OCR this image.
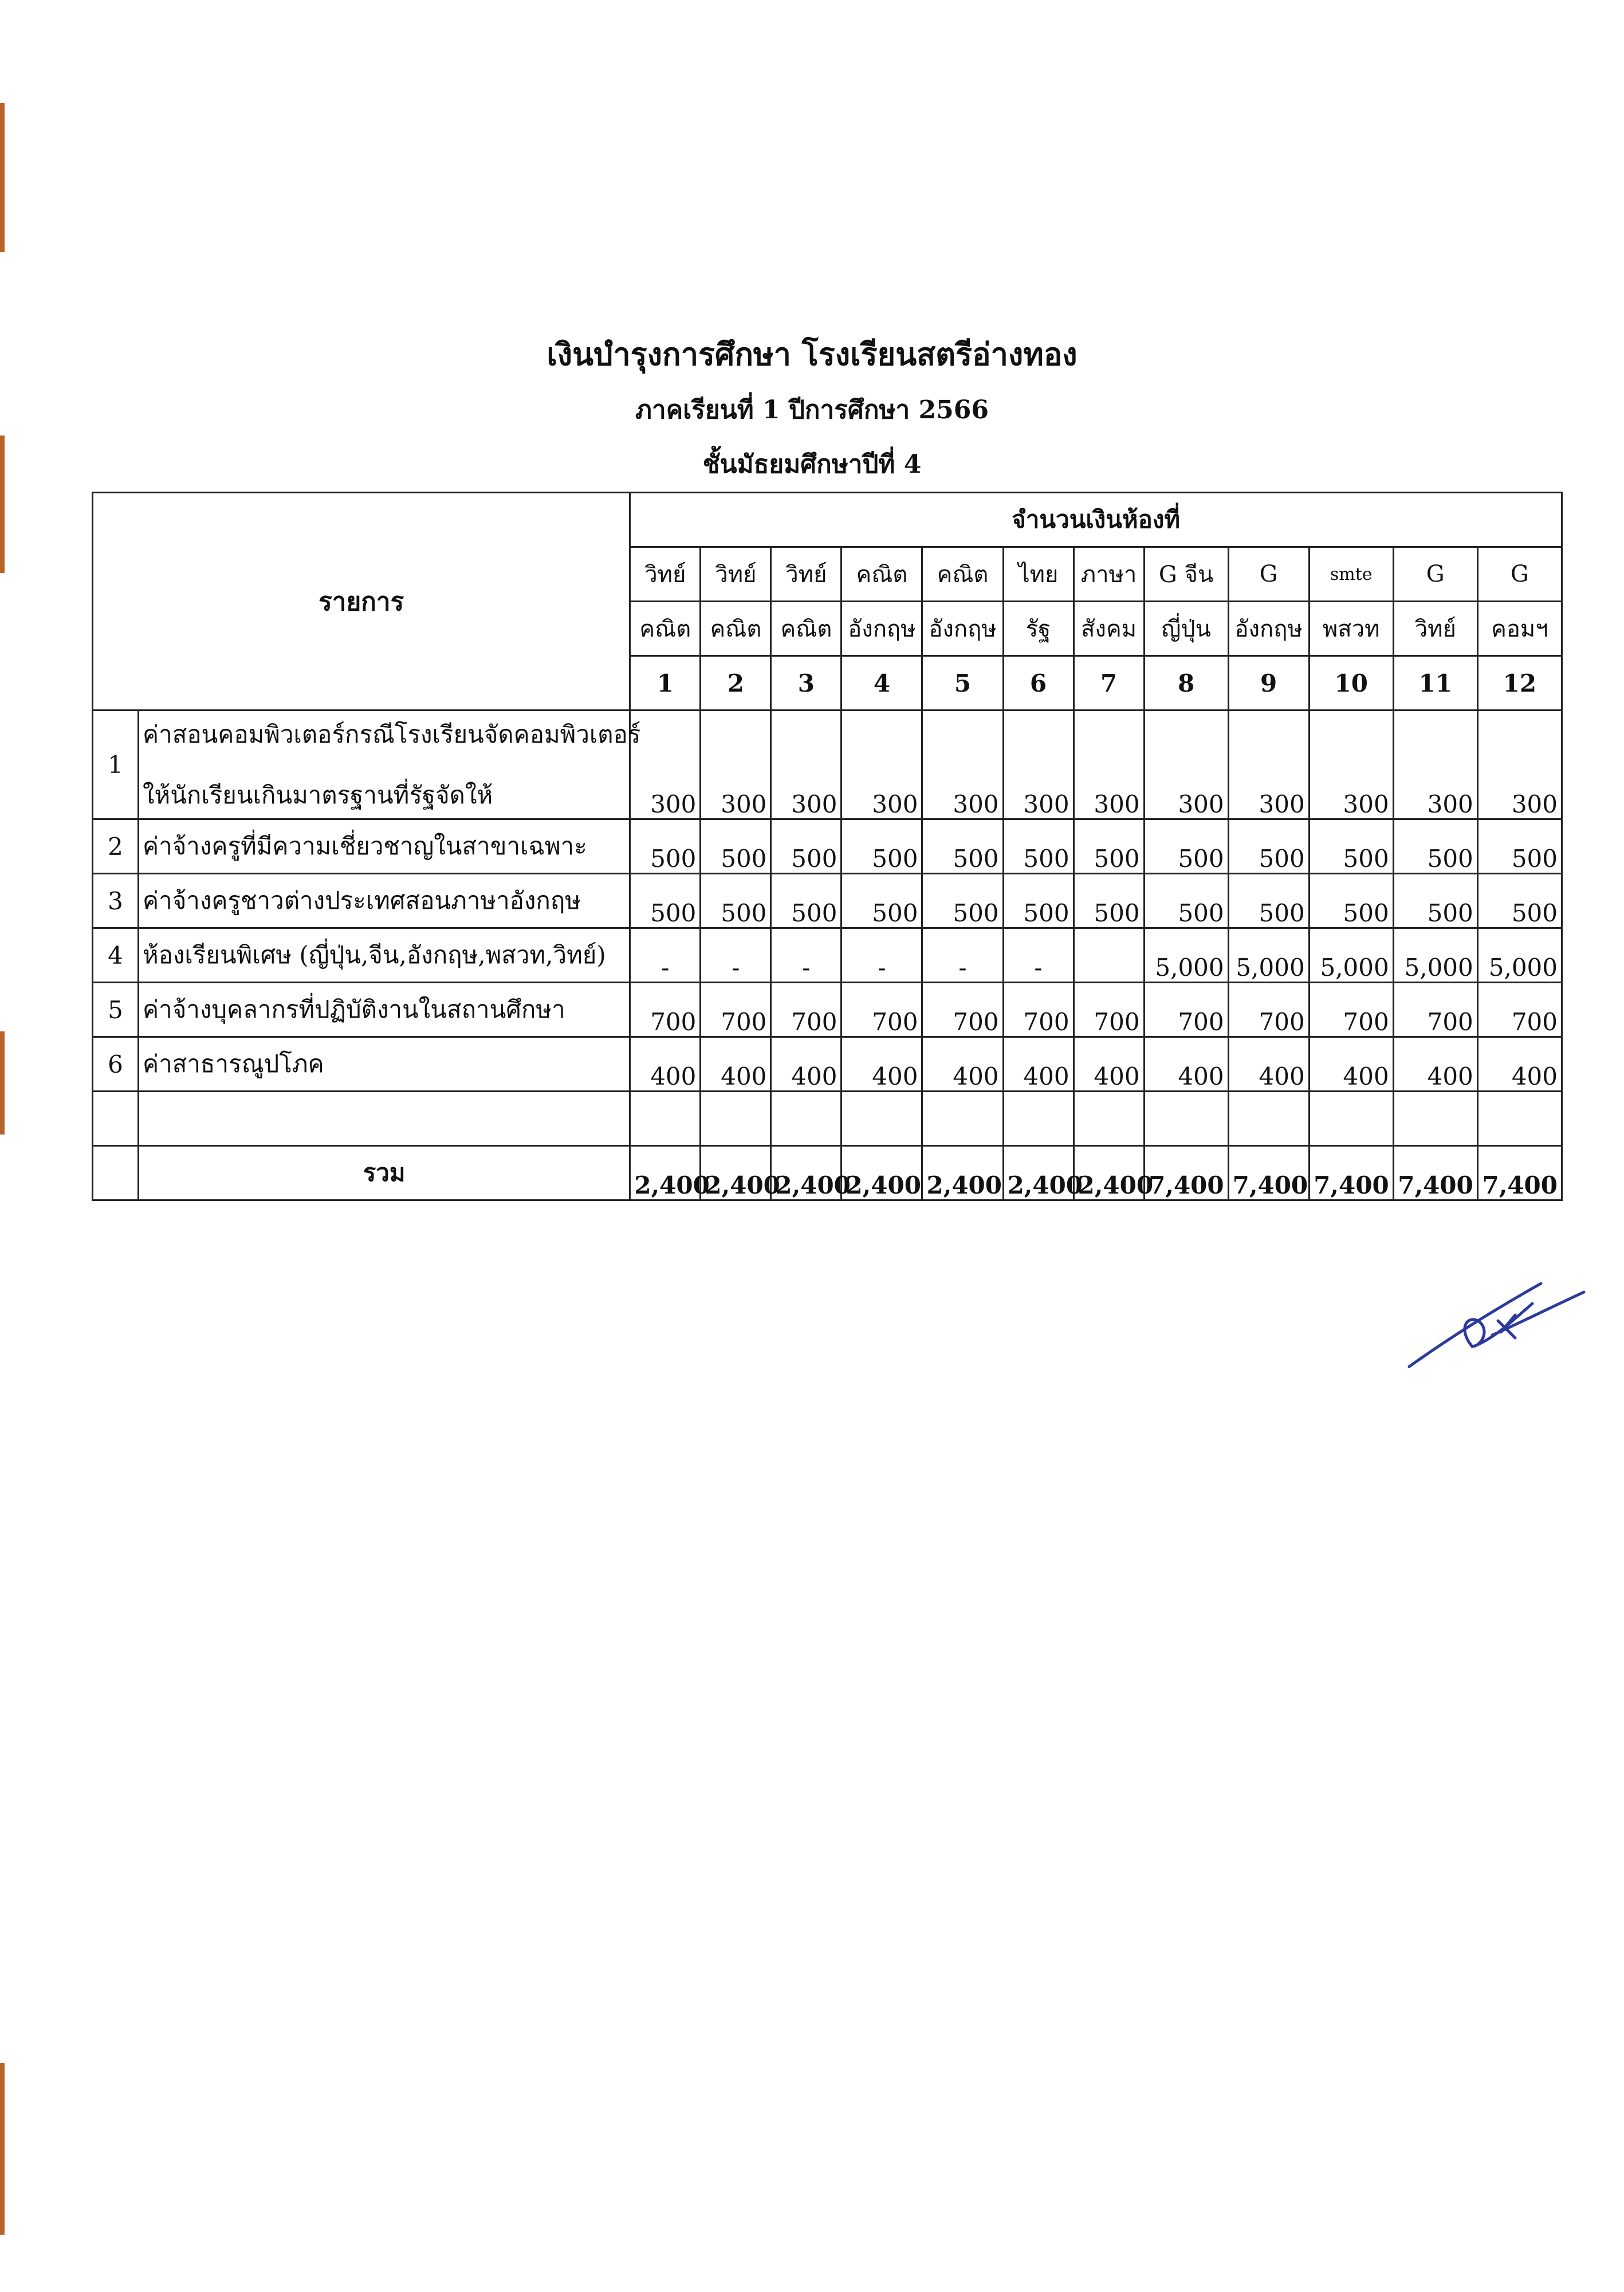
เงินบำรุงการศึกษา โรงเรียนสตรีอ่างทอง
ภาคเรียนที่ 1 ปีการศึกษา 2566
ชั้นมัธยมศึกษาปีที่ 4
รายการ		จำนวนเงินห้องที่											
		วิทย์	วิทย์	วิทย์	คณิต	คณิต	ไทย	ภาษา	G จีน	G	smte	G	G
		คณิต	คณิต	คณิต	อังกฤษ	อังกฤษ	รัฐ	สังคม	ญี่ปุ่น	อังกฤษ	พสวท	วิทย์	คอมฯ
		1	2	3	4	5	6	7	8	9	10	11	12
1	ค่าสอนคอมพิวเตอร์กรณีโรงเรียนจัดคอมพิวเตอร์
ให้นักเรียนเกินมาตรฐานที่รัฐจัดให้	300	300	300	300	300	300	300	300	300	300	300	300
2	ค่าจ้างครูที่มีความเชี่ยวชาญในสาขาเฉพาะ	500	500	500	500	500	500	500	500	500	500	500	500
3	ค่าจ้างครูชาวต่างประเทศสอนภาษาอังกฤษ	500	500	500	500	500	500	500	500	500	500	500	500
4	ห้องเรียนพิเศษ (ญี่ปุ่น,จีน,อังกฤษ,พสวท,วิทย์)	-	-	-	-	-	-		5,000	5,000	5,000	5,000	5,000
5	ค่าจ้างบุคลากรที่ปฏิบัติงานในสถานศึกษา	700	700	700	700	700	700	700	700	700	700	700	700
6	ค่าสาธารณูปโภค	400	400	400	400	400	400	400	400	400	400	400	400

	รวม	2,400	2,400	2,400	2,400	2,400	2,400	2,400	7,400	7,400	7,400	7,400	7,400
